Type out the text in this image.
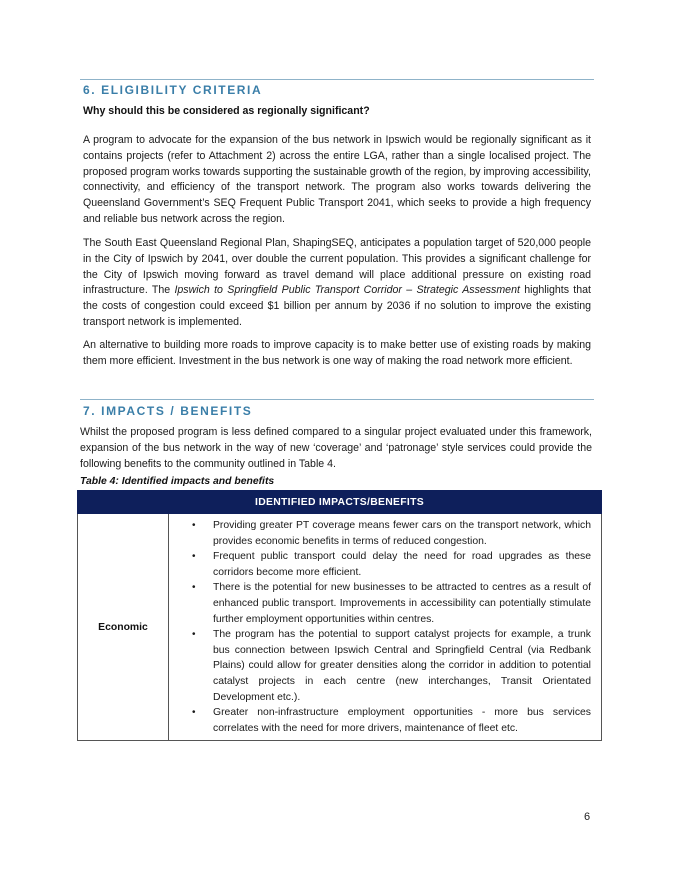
6. ELIGIBILITY CRITERIA
Why should this be considered as regionally significant?

A program to advocate for the expansion of the bus network in Ipswich would be regionally significant as it contains projects (refer to Attachment 2) across the entire LGA, rather than a single localised project. The proposed program works towards supporting the sustainable growth of the region, by improving accessibility, connectivity, and efficiency of the transport network. The program also works towards delivering the Queensland Government’s SEQ Frequent Public Transport 2041, which seeks to provide a high frequency and reliable bus network across the region.

The South East Queensland Regional Plan, ShapingSEQ, anticipates a population target of 520,000 people in the City of Ipswich by 2041, over double the current population. This provides a significant challenge for the City of Ipswich moving forward as travel demand will place additional pressure on existing road infrastructure. The Ipswich to Springfield Public Transport Corridor – Strategic Assessment highlights that the costs of congestion could exceed $1 billion per annum by 2036 if no solution to improve the existing transport network is implemented.

An alternative to building more roads to improve capacity is to make better use of existing roads by making them more efficient. Investment in the bus network is one way of making the road network more efficient.

7. IMPACTS / BENEFITS

Whilst the proposed program is less defined compared to a singular project evaluated under this framework, expansion of the bus network in the way of new ‘coverage’ and ‘patronage’ style services could provide the following benefits to the community outlined in Table 4.

Table 4: Identified impacts and benefits
IDENTIFIED IMPACTS/BENEFITS
Economic	
• Providing greater PT coverage means fewer cars on the transport network, which provides economic benefits in terms of reduced congestion.
• Frequent public transport could delay the need for road upgrades as these corridors become more efficient.
• There is the potential for new businesses to be attracted to centres as a result of enhanced public transport. Improvements in accessibility can potentially stimulate further employment opportunities within centres.
• The program has the potential to support catalyst projects for example, a trunk bus connection between Ipswich Central and Springfield Central (via Redbank Plains) could allow for greater densities along the corridor in addition to potential catalyst projects in each centre (new interchanges, Transit Orientated Development etc.).
• Greater non-infrastructure employment opportunities - more bus services correlates with the need for more drivers, maintenance of fleet etc.
6
